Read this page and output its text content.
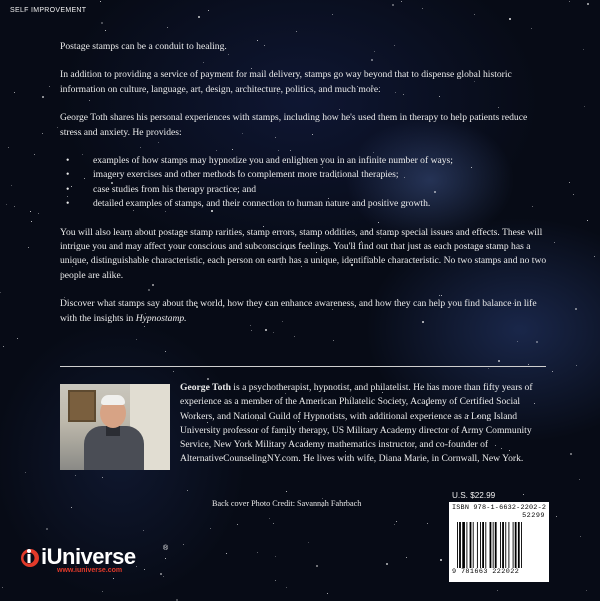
SELF IMPROVEMENT

Postage stamps can be a conduit to healing.

In addition to providing a service of payment for mail delivery, stamps go way beyond that to dispense global historic information on culture, language, art, design, architecture, politics, and much more.

George Toth shares his personal experiences with stamps, including how he's used them in therapy to help patients reduce stress and anxiety. He provides:

• examples of how stamps may hypnotize you and enlighten you in an infinite number of ways;
• imagery exercises and other methods to complement more traditional therapies;
• case studies from his therapy practice; and
• detailed examples of stamps, and their connection to human nature and positive growth.

You will also learn about postage stamp rarities, stamp errors, stamp oddities, and stamp special issues and effects. These will intrigue you and may affect your conscious and subconscious feelings. You'll find out that just as each postage stamp has a unique, distinguishable characteristic, each person on earth has a unique, identifiable characteristic. No two stamps and no two people are alike.

Discover what stamps say about the world, how they can enhance awareness, and how they can help you find balance in life with the insights in Hypnostamp.

George Toth is a psychotherapist, hypnotist, and philatelist. He has more than fifty years of experience as a member of the American Philatelic Society, Academy of Certified Social Workers, and National Guild of Hypnotists, with additional experience as a Long Island University professor of family therapy, US Military Academy director of Army Community Service, New York Military Academy mathematics instructor, and co-founder of AlternativeCounselingNY.com. He lives with wife, Diana Marie, in Cornwall, New York.
Back cover Photo Credit: Savannah Fahrbach
U.S. $22.99
ISBN 978-1-6632-2202-2
52299
9 781663 222022
iUniverse	®
www.iuniverse.com
